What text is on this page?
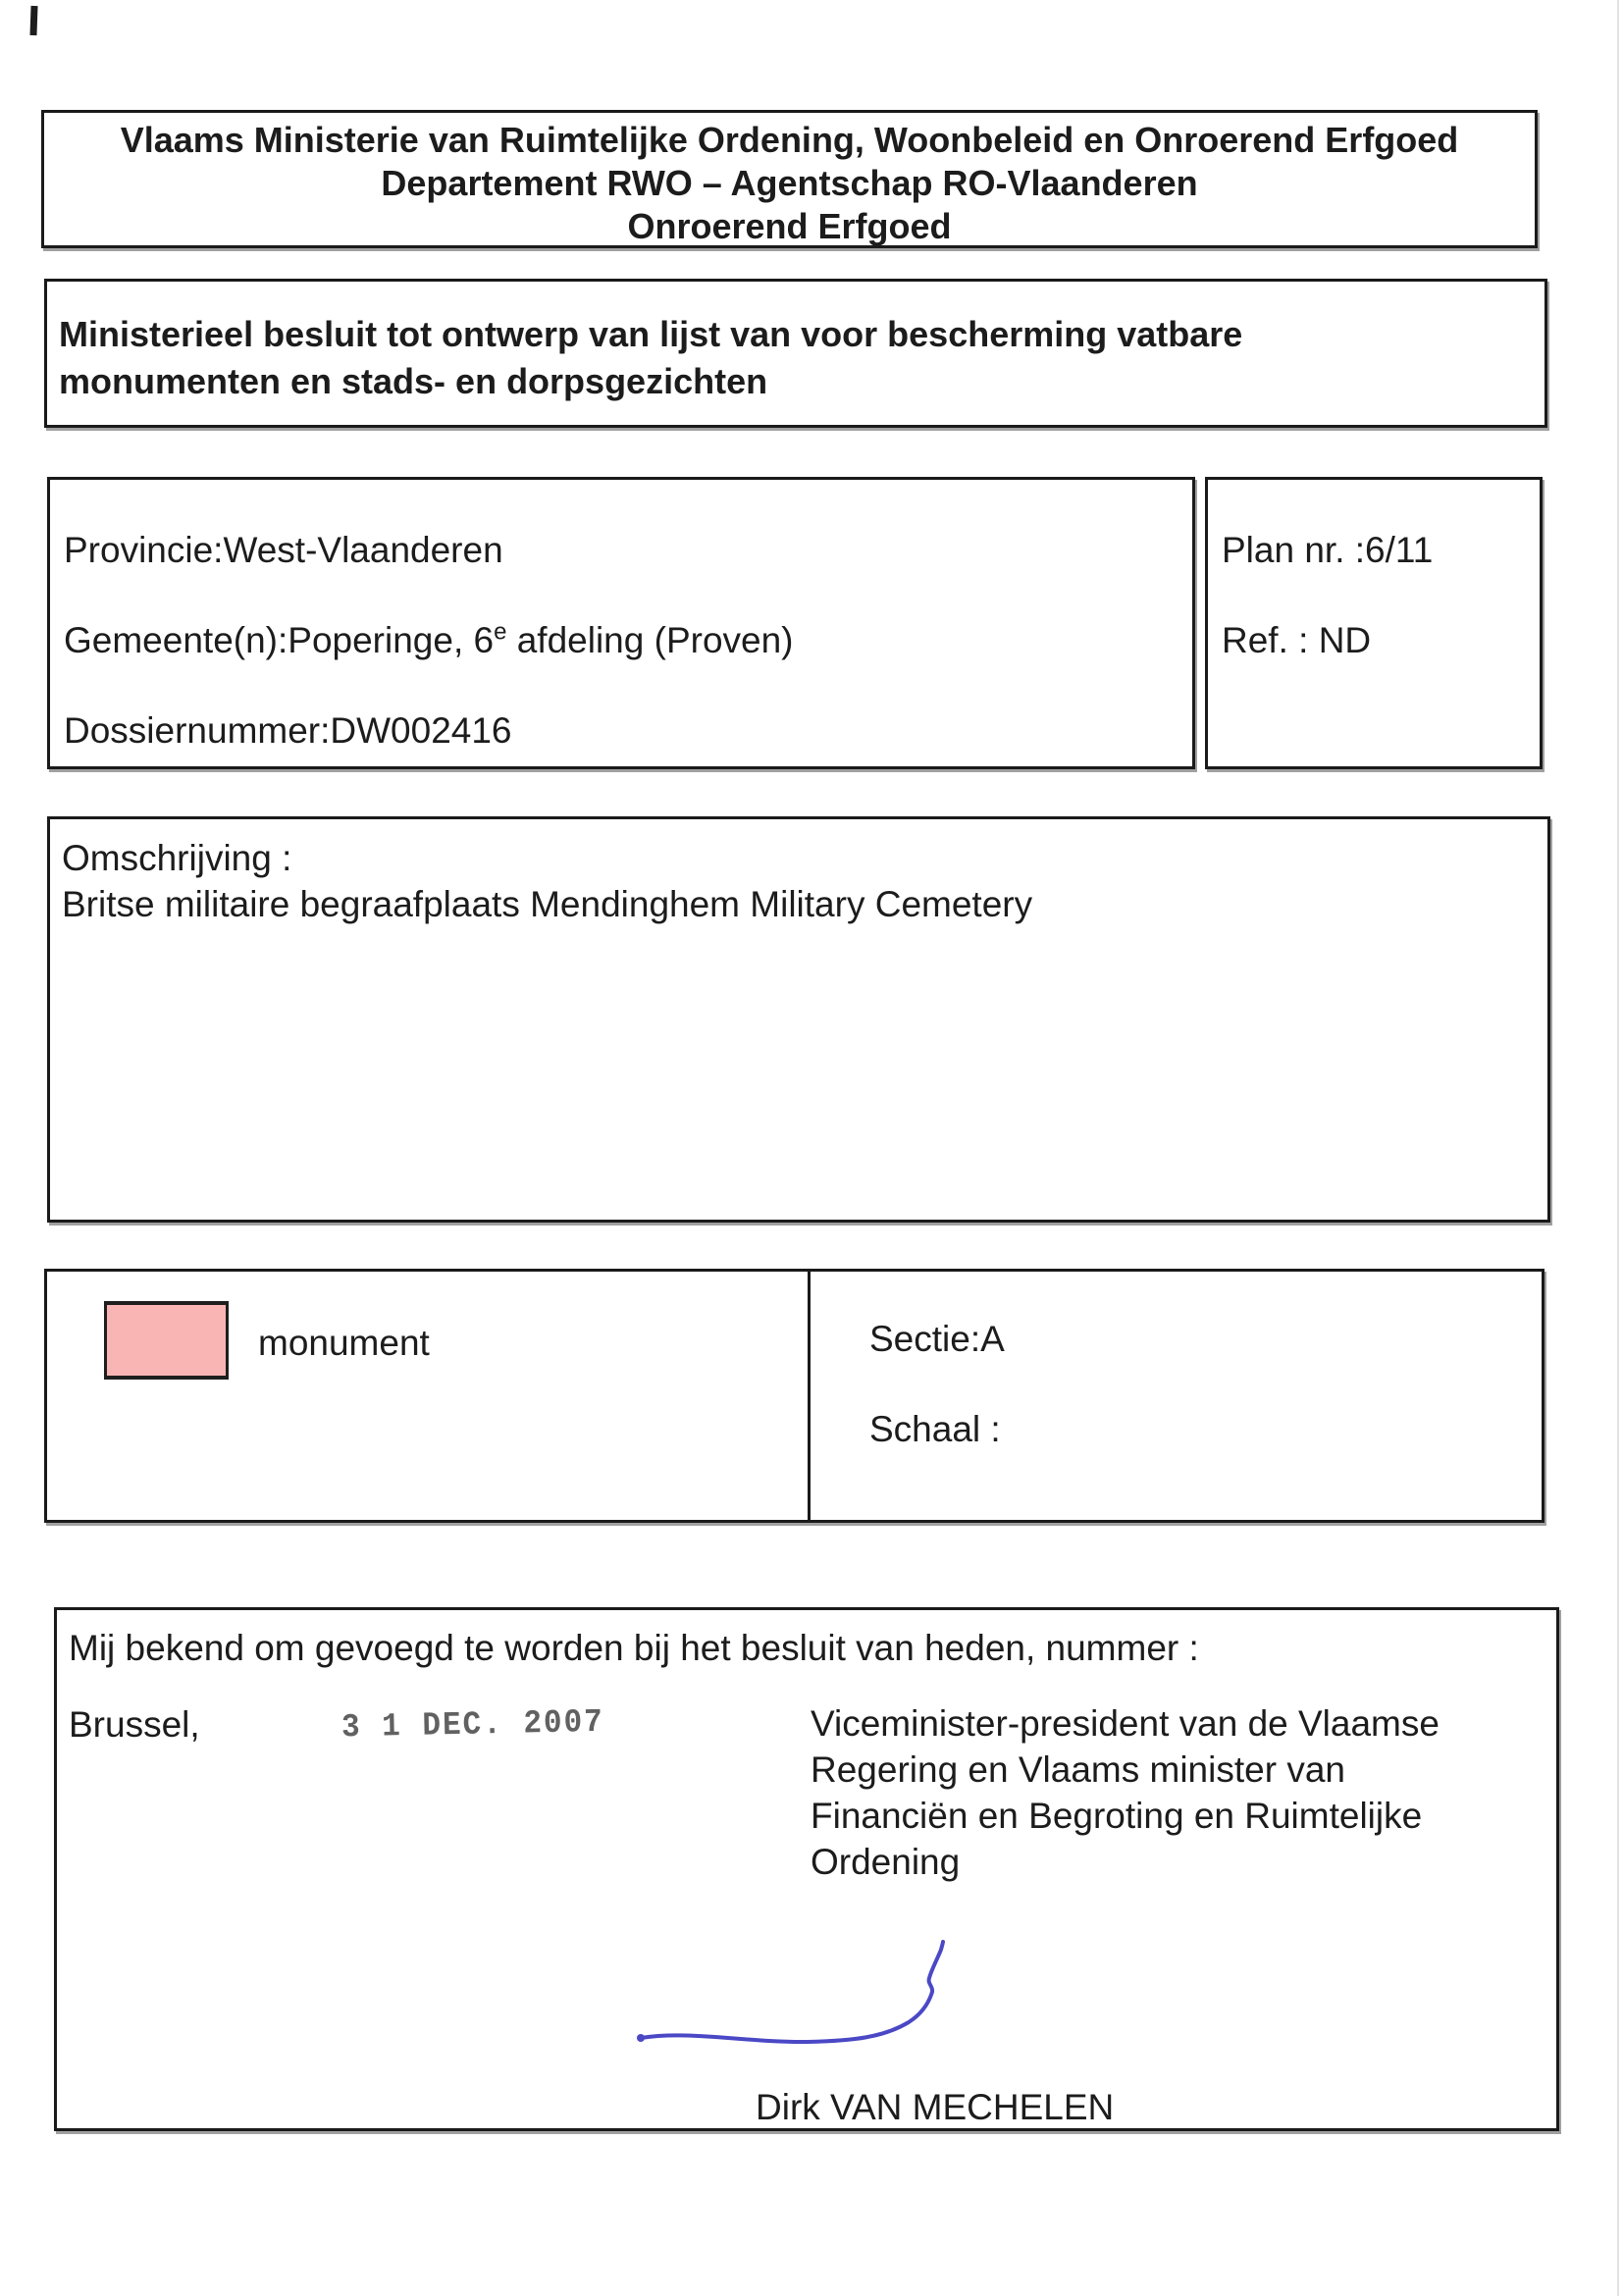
Vlaams Ministerie van Ruimtelijke Ordening, Woonbeleid en Onroerend Erfgoed
Departement RWO – Agentschap RO-Vlaanderen
Onroerend Erfgoed
Ministerieel besluit tot ontwerp van lijst van voor bescherming vatbare monumenten en stads- en dorpsgezichten
Provincie:West-Vlaanderen
Gemeente(n):Poperinge, 6e afdeling (Proven)
Dossiernummer:DW002416
Plan nr. :6/11
Ref. : ND
Omschrijving :
Britse militaire begraafplaats Mendinghem Military Cemetery
monument	Sectie:A
Schaal :
Mij bekend om gevoegd te worden bij het besluit van heden, nummer :
Brussel,	3 1 DEC. 2007	Viceminister-president van de Vlaamse
Regering en Vlaams minister van
Financiën en Begroting en Ruimtelijke
Ordening
Dirk VAN MECHELEN
